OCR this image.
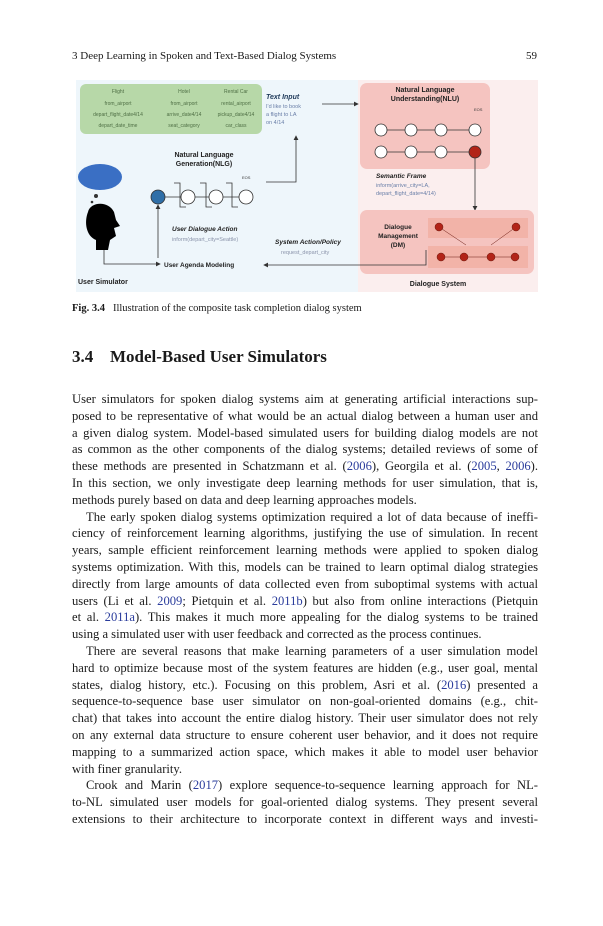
3 Deep Learning in Spoken and Text-Based Dialog Systems	59
Flight	Hotel	Rental Car
from_airport	from_airport	rental_airport
depart_flight_date4/14	arrive_date4/14	pickup_date4/14
depart_date_time	seat_category	car_class
Text Input
I'd like to book
a flight to LA
on 4/14
Natural Language
Understanding(NLU)
EOS
Semantic Frame
inform(arrive_city=LA,
depart_flight_date=4/14)
Dialogue
Management
(DM)
Dialogue System
System Action/Policy
request_depart_city
Natural Language
Generation(NLG)
EOS
User Dialogue Action
inform(depart_city=Seattle)
User Agenda Modeling
User Simulator
Fig. 3.4 Illustration of the composite task completion dialog system
3.4 Model-Based User Simulators
User simulators for spoken dialog systems aim at generating artificial interactions sup-
posed to be representative of what would be an actual dialog between a human user and
a given dialog system. Model-based simulated users for building dialog models are not
as common as the other components of the dialog systems; detailed reviews of some of
these methods are presented in Schatzmann et al. (2006), Georgila et al. (2005, 2006).
In this section, we only investigate deep learning methods for user simulation, that is,
methods purely based on data and deep learning approaches models.
The early spoken dialog systems optimization required a lot of data because of ineffi-
ciency of reinforcement learning algorithms, justifying the use of simulation. In recent
years, sample efficient reinforcement learning methods were applied to spoken dialog
systems optimization. With this, models can be trained to learn optimal dialog strategies
directly from large amounts of data collected even from suboptimal systems with actual
users (Li et al. 2009; Pietquin et al. 2011b) but also from online interactions (Pietquin
et al. 2011a). This makes it much more appealing for the dialog systems to be trained
using a simulated user with user feedback and corrected as the process continues.
There are several reasons that make learning parameters of a user simulation model
hard to optimize because most of the system features are hidden (e.g., user goal, mental
states, dialog history, etc.). Focusing on this problem, Asri et al. (2016) presented a
sequence-to-sequence base user simulator on non-goal-oriented domains (e.g., chit-
chat) that takes into account the entire dialog history. Their user simulator does not rely
on any external data structure to ensure coherent user behavior, and it does not require
mapping to a summarized action space, which makes it able to model user behavior
with finer granularity.
Crook and Marin (2017) explore sequence-to-sequence learning approach for NL-
to-NL simulated user models for goal-oriented dialog systems. They present several
extensions to their architecture to incorporate context in different ways and investi-
